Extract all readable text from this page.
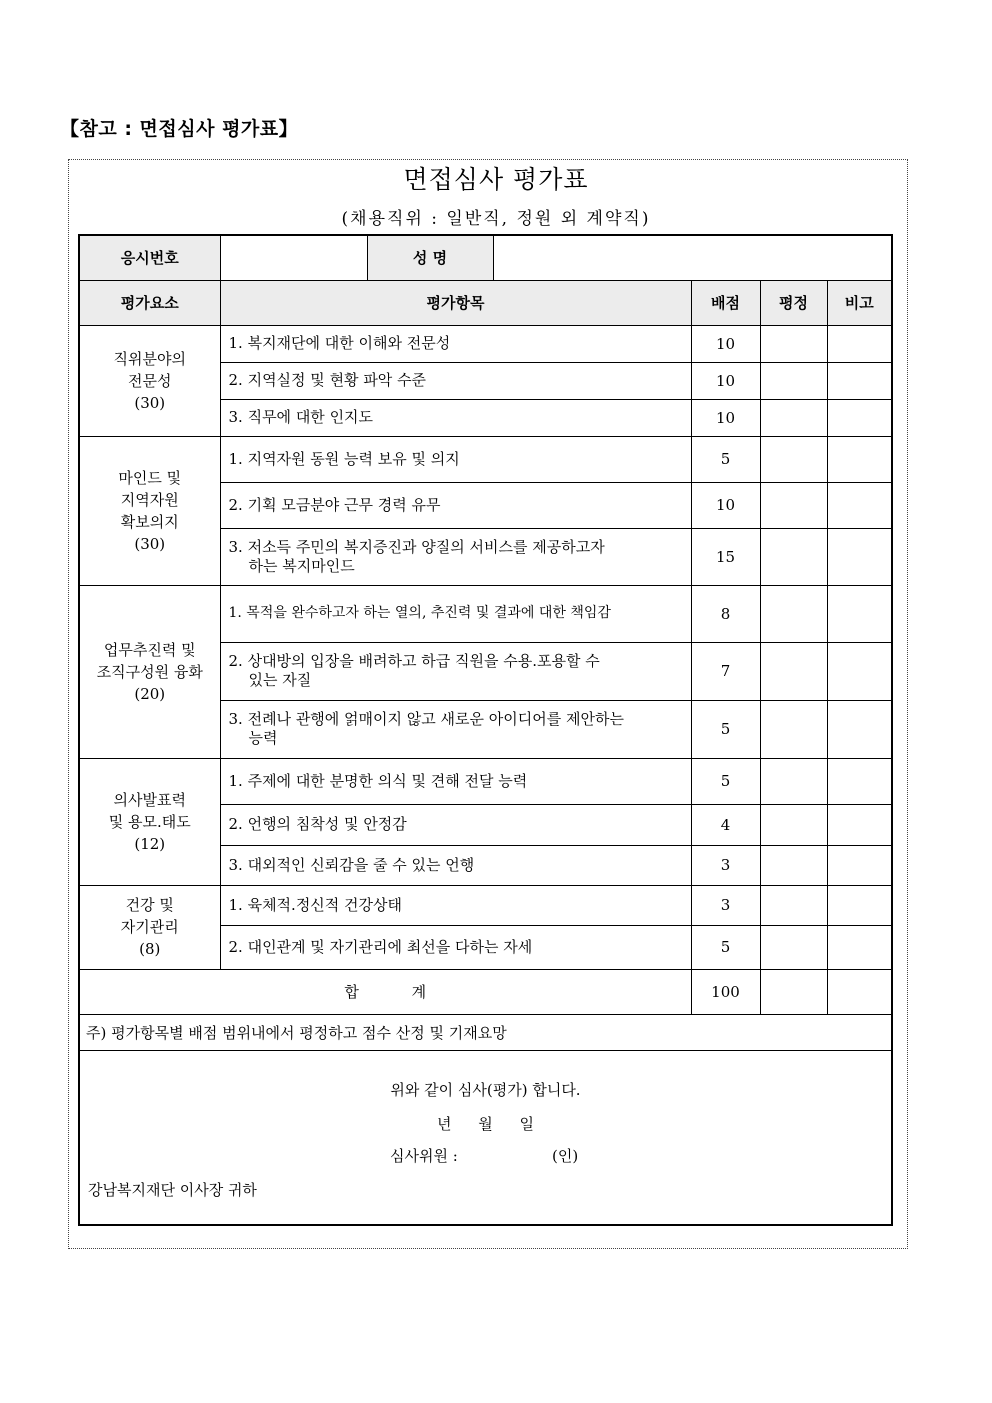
【참고 : 면접심사 평가표】
면접심사 평가표
(채용직위 : 일반직, 정원 외 계약직)
응시번호		성 명				
평가요소	평가항목			배점	평정	비고
직위분야의
전문성
(30)	1. 복지재단에 대한 이해와 전문성			10		
	2. 지역실정 및 현황 파악 수준			10		
	3. 직무에 대한 인지도			10		
마인드 및
지역자원
확보의지
(30)	1. 지역자원 동원 능력 보유 및 의지			5		
	2. 기획 모금분야 근무 경력 유무			10		
	3. 저소득 주민의 복지증진과 양질의 서비스를 제공하고자
하는 복지마인드			15		
업무추진력 및
조직구성원 융화
(20)	1. 목적을 완수하고자 하는 열의, 추진력 및 결과에 대한 책임감			8		
	2. 상대방의 입장을 배려하고 하급 직원을 수용.포용할 수
있는 자질			7		
	3. 전례나 관행에 얽매이지 않고 새로운 아이디어를 제안하는
능력			5		
의사발표력
및 용모.태도
(12)	1. 주제에 대한 분명한 의식 및 견해 전달 능력			5		
	2. 언행의 침착성 및 안정감			4		
	3. 대외적인 신뢰감을 줄 수 있는 언행			3		
건강 및
자기관리
(8)	1. 육체적.정신적 건강상태			3		
	2. 대인관계 및 자기관리에 최선을 다하는 자세			5		
합 계				100		
주) 평가항목별 배점 범위내에서 평정하고 점수 산정 및 기재요망						

위와 같이 심사(평가) 합니다.
년 월 일
심사위원 : (인)
강남복지재단 이사장 귀하						
